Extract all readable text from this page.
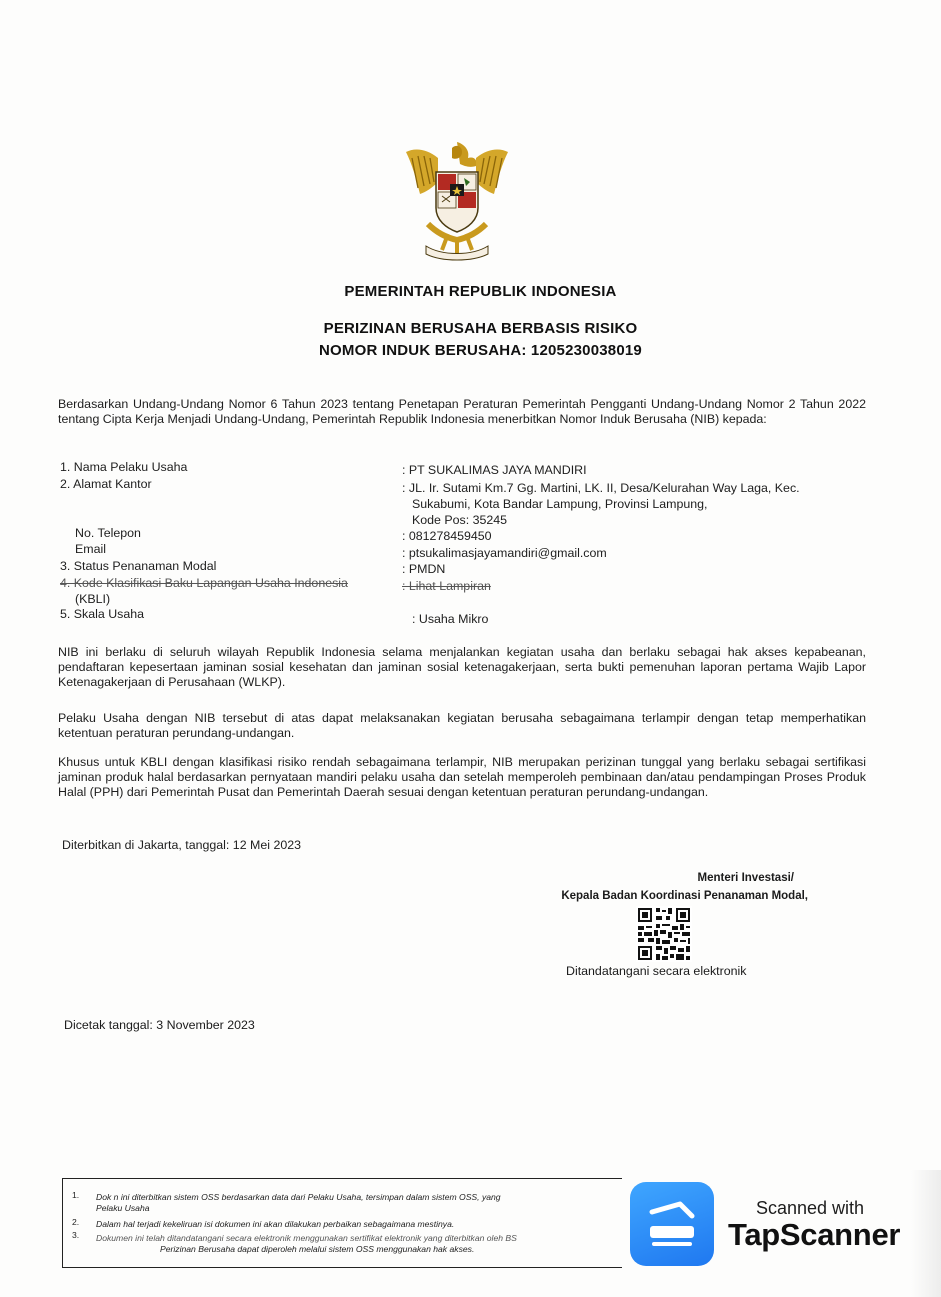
PEMERINTAH REPUBLIK INDONESIA
PERIZINAN BERUSAHA BERBASIS RISIKO
NOMOR INDUK BERUSAHA: 1205230038019
Berdasarkan Undang-Undang Nomor 6 Tahun 2023 tentang Penetapan Peraturan Pemerintah Pengganti Undang-Undang Nomor 2 Tahun 2022 tentang Cipta Kerja Menjadi Undang-Undang, Pemerintah Republik Indonesia menerbitkan Nomor Induk Berusaha (NIB) kepada:
1. Nama Pelaku Usaha	: PT SUKALIMAS JAYA MANDIRI
2. Alamat Kantor	: JL. Ir. Sutami Km.7 Gg. Martini, LK. II, Desa/Kelurahan Way Laga, Kec.
Sukabumi, Kota Bandar Lampung, Provinsi Lampung,
Kode Pos: 35245
No. Telepon	: 081278459450
Email	: ptsukalimasjayamandiri@gmail.com
3. Status Penanaman Modal	: PMDN
4. Kode Klasifikasi Baku Lapangan Usaha Indonesia
(KBLI)
: Lihat Lampiran
5. Skala Usaha	: Usaha Mikro
NIB ini berlaku di seluruh wilayah Republik Indonesia selama menjalankan kegiatan usaha dan berlaku sebagai hak akses kepabeanan, pendaftaran kepesertaan jaminan sosial kesehatan dan jaminan sosial ketenagakerjaan, serta bukti pemenuhan laporan pertama Wajib Lapor Ketenagakerjaan di Perusahaan (WLKP).
Pelaku Usaha dengan NIB tersebut di atas dapat melaksanakan kegiatan berusaha sebagaimana terlampir dengan tetap memperhatikan ketentuan peraturan perundang-undangan.
Khusus untuk KBLI dengan klasifikasi risiko rendah sebagaimana terlampir, NIB merupakan perizinan tunggal yang berlaku sebagai sertifikasi jaminan produk halal berdasarkan pernyataan mandiri pelaku usaha dan setelah memperoleh pembinaan dan/atau pendampingan Proses Produk Halal (PPH) dari Pemerintah Pusat dan Pemerintah Daerah sesuai dengan ketentuan peraturan perundang-undangan.
Diterbitkan di Jakarta, tanggal: 12 Mei 2023
Menteri Investasi/
Kepala Badan Koordinasi Penanaman Modal,
Ditandatangani secara elektronik
Dicetak tanggal: 3 November 2023
1. Dok n ini diterbitkan sistem OSS berdasarkan data dari Pelaku Usaha, tersimpan dalam sistem OSS, yang
Pelaku Usaha
2. Dalam hal terjadi kekeliruan isi dokumen ini akan dilakukan perbaikan sebagaimana mestinya.
3. Dokumen ini telah ditandatangani secara elektronik menggunakan sertifikat elektronik yang diterbitkan oleh BS
Perizinan Berusaha dapat diperoleh melalui sistem OSS menggunakan hak akses.
Scanned with
TapScanner
